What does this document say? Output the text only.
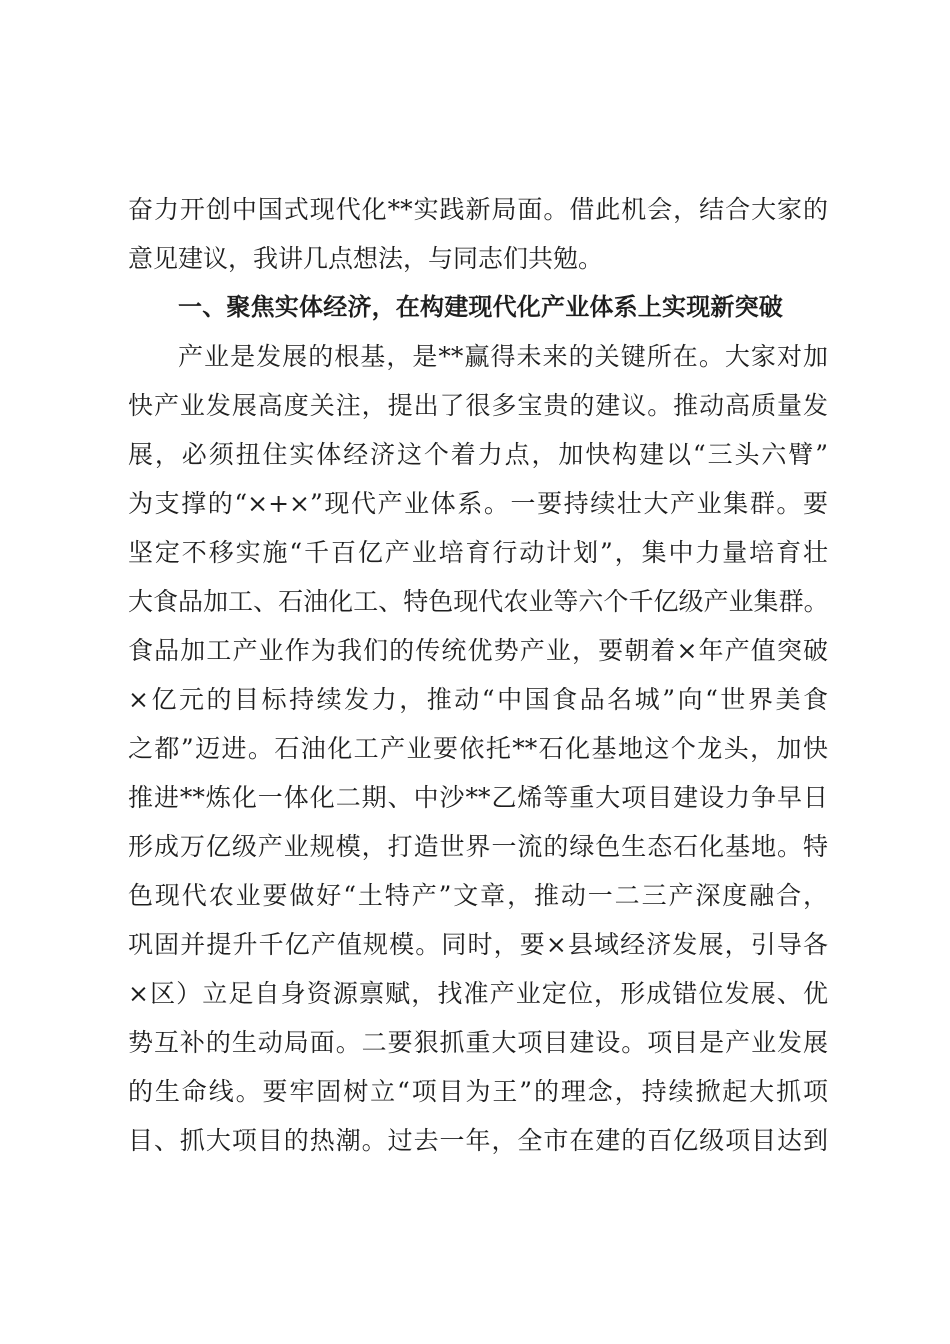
奋力开创中国式现代化**实践新局面。借此机会，结合大家的
意见建议，我讲几点想法，与同志们共勉。
一、聚焦实体经济，在构建现代化产业体系上实现新突破
产业是发展的根基，是**赢得未来的关键所在。大家对加
快产业发展高度关注，提出了很多宝贵的建议。推动高质量发
展，必须扭住实体经济这个着力点，加快构建以“三头六臂”
为支撑的“×+×”现代产业体系。一要持续壮大产业集群。要
坚定不移实施“千百亿产业培育行动计划”，集中力量培育壮
大食品加工、石油化工、特色现代农业等六个千亿级产业集群。
食品加工产业作为我们的传统优势产业，要朝着×年产值突破
×亿元的目标持续发力，推动“中国食品名城”向“世界美食
之都”迈进。石油化工产业要依托**石化基地这个龙头，加快
推进**炼化一体化二期、中沙**乙烯等重大项目建设力争早日
形成万亿级产业规模，打造世界一流的绿色生态石化基地。特
色现代农业要做好“土特产”文章，推动一二三产深度融合，
巩固并提升千亿产值规模。同时，要×县域经济发展，引导各
×区）立足自身资源禀赋，找准产业定位，形成错位发展、优
势互补的生动局面。二要狠抓重大项目建设。项目是产业发展
的生命线。要牢固树立“项目为王”的理念，持续掀起大抓项
目、抓大项目的热潮。过去一年，全市在建的百亿级项目达到
